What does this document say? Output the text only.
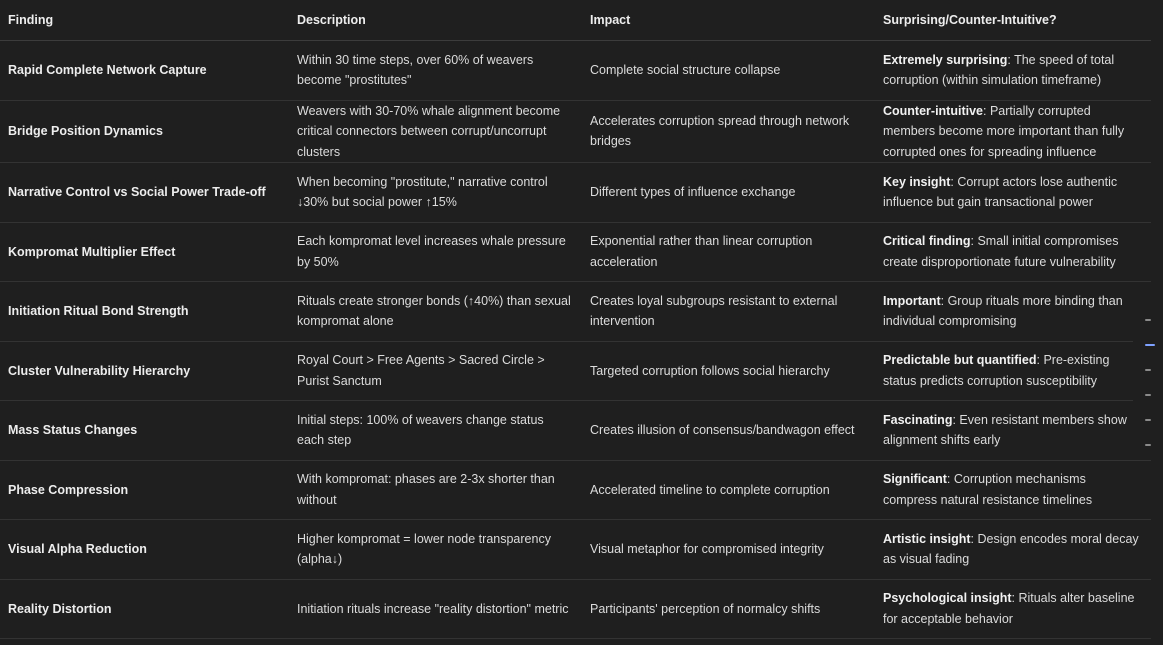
Finding	Description	Impact	Surprising/Counter-Intuitive?
Rapid Complete Network Capture	Within 30 time steps, over 60% of weavers become "prostitutes"	Complete social structure collapse	Extremely surprising: The speed of total corruption (within simulation timeframe)
Bridge Position Dynamics	Weavers with 30-70% whale alignment become critical connectors between corrupt/uncorrupt clusters	Accelerates corruption spread through network bridges	Counter-intuitive: Partially corrupted members become more important than fully corrupted ones for spreading influence
Narrative Control vs Social Power Trade-off	When becoming "prostitute," narrative control ↓30% but social power ↑15%	Different types of influence exchange	Key insight: Corrupt actors lose authentic influence but gain transactional power
Kompromat Multiplier Effect	Each kompromat level increases whale pressure by 50%	Exponential rather than linear corruption acceleration	Critical finding: Small initial compromises create disproportionate future vulnerability
Initiation Ritual Bond Strength	Rituals create stronger bonds (↑40%) than sexual kompromat alone	Creates loyal subgroups resistant to external intervention	Important: Group rituals more binding than individual compromising
Cluster Vulnerability Hierarchy	Royal Court > Free Agents > Sacred Circle > Purist Sanctum	Targeted corruption follows social hierarchy	Predictable but quantified: Pre-existing status predicts corruption susceptibility
Mass Status Changes	Initial steps: 100% of weavers change status each step	Creates illusion of consensus/bandwagon effect	Fascinating: Even resistant members show alignment shifts early
Phase Compression	With kompromat: phases are 2-3x shorter than without	Accelerated timeline to complete corruption	Significant: Corruption mechanisms compress natural resistance timelines
Visual Alpha Reduction	Higher kompromat = lower node transparency (alpha↓)	Visual metaphor for compromised integrity	Artistic insight: Design encodes moral decay as visual fading
Reality Distortion	Initiation rituals increase "reality distortion" metric	Participants' perception of normalcy shifts	Psychological insight: Rituals alter baseline for acceptable behavior
